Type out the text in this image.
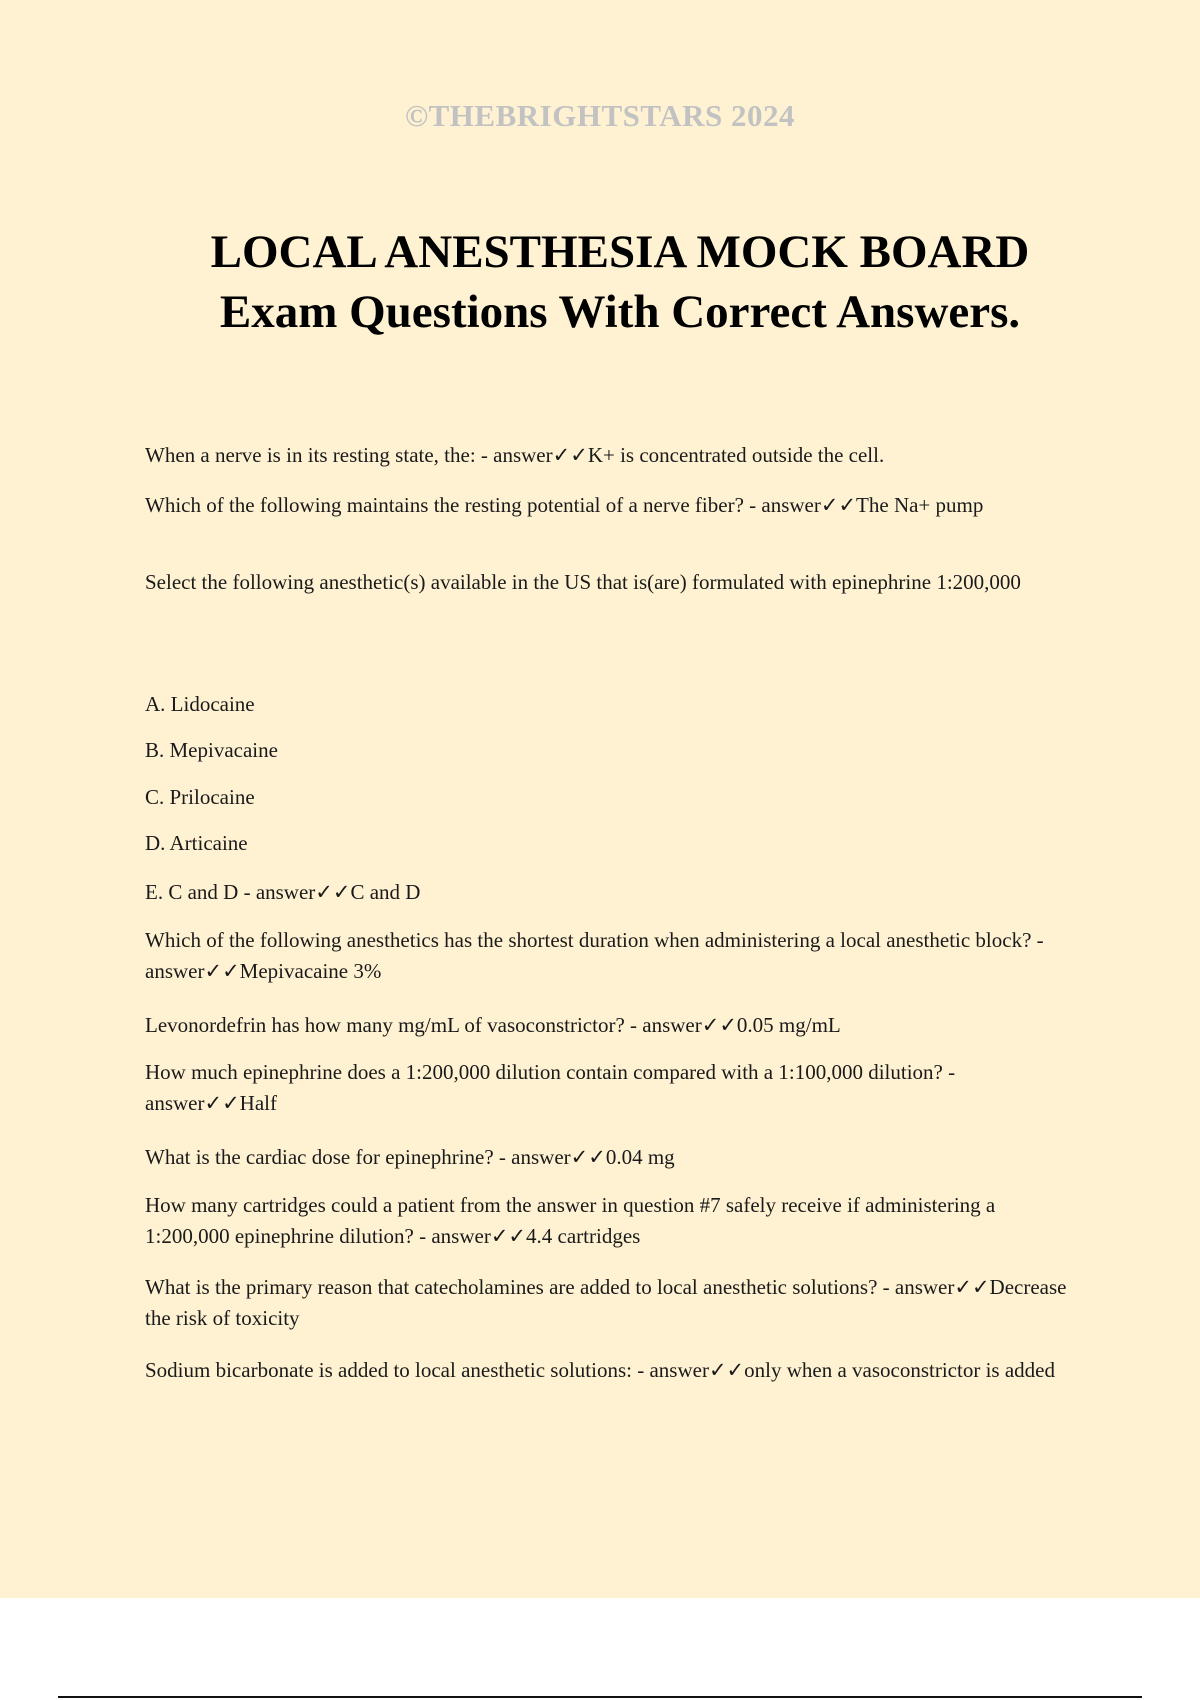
©THEBRIGHTSTARS 2024
LOCAL ANESTHESIA MOCK BOARD
Exam Questions With Correct Answers.

When a nerve is in its resting state, the: - answer✓✓K+ is concentrated outside the cell.

Which of the following maintains the resting potential of a nerve fiber? - answer✓✓The Na+ pump

Select the following anesthetic(s) available in the US that is(are) formulated with epinephrine 1:200,000

A. Lidocaine

B. Mepivacaine

C. Prilocaine

D. Articaine

E. C and D - answer✓✓C and D

Which of the following anesthetics has the shortest duration when administering a local anesthetic block? - answer✓✓Mepivacaine 3%

Levonordefrin has how many mg/mL of vasoconstrictor? - answer✓✓0.05 mg/mL

How much epinephrine does a 1:200,000 dilution contain compared with a 1:100,000 dilution? - answer✓✓Half

What is the cardiac dose for epinephrine? - answer✓✓0.04 mg

How many cartridges could a patient from the answer in question #7 safely receive if administering a 1:200,000 epinephrine dilution? - answer✓✓4.4 cartridges

What is the primary reason that catecholamines are added to local anesthetic solutions? - answer✓✓Decrease the risk of toxicity

Sodium bicarbonate is added to local anesthetic solutions: - answer✓✓only when a vasoconstrictor is added
